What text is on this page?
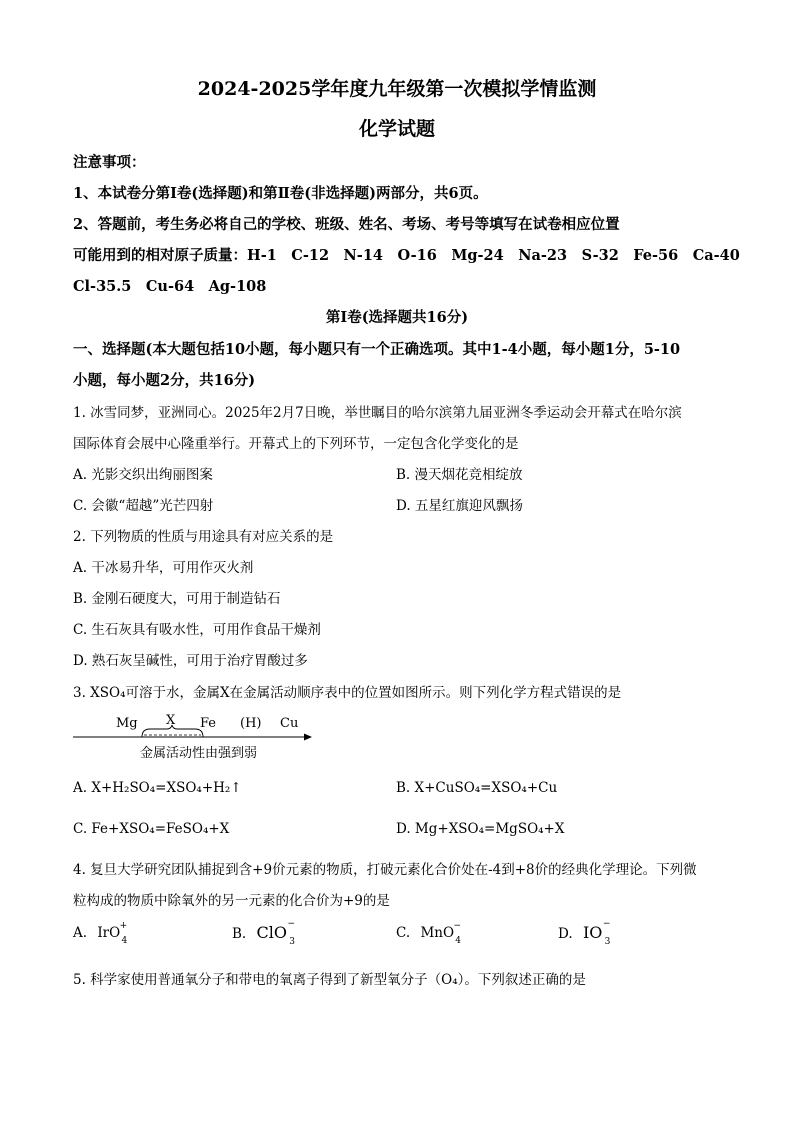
2024-2025学年度九年级第一次模拟学情监测
化学试题
注意事项：
1、本试卷分第Ⅰ卷(选择题)和第Ⅱ卷(非选择题)两部分，共6页。
2、答题前，考生务必将自己的学校、班级、姓名、考场、考号等填写在试卷相应位置
可能用到的相对原子质量：H-1　C-12　N-14　O-16　Mg-24　Na-23　S-32　Fe-56　Ca-40
Cl-35.5　Cu-64　Ag-108
第Ⅰ卷(选择题共16分)
一、选择题(本大题包括10小题，每小题只有一个正确选项。其中1-4小题，每小题1分，5-10
小题，每小题2分，共16分)
1. 冰雪同梦，亚洲同心。2025年2月7日晚，举世瞩目的哈尔滨第九届亚洲冬季运动会开幕式在哈尔滨
国际体育会展中心隆重举行。开幕式上的下列环节，一定包含化学变化的是
A. 光影交织出绚丽图案	B. 漫天烟花竞相绽放
C. 会徽“超越”光芒四射	D. 五星红旗迎风飘扬
2. 下列物质的性质与用途具有对应关系的是
A. 干冰易升华，可用作灭火剂
B. 金刚石硬度大，可用于制造钻石
C. 生石灰具有吸水性，可用作食品干燥剂
D. 熟石灰呈碱性，可用于治疗胃酸过多
3. XSO₄可溶于水，金属X在金属活动顺序表中的位置如图所示。则下列化学方程式错误的是
Mg X Fe (H) Cu
金属活动性由强到弱
A. X+H₂SO₄=XSO₄+H₂↑	B. X+CuSO₄=XSO₄+Cu
C. Fe+XSO₄=FeSO₄+X	D. Mg+XSO₄=MgSO₄+X
4. 复旦大学研究团队捕捉到含+9价元素的物质，打破元素化合价处在-4到+8价的经典化学理论。下列微
粒构成的物质中除氧外的另一元素的化合价为+9的是
A. IrO +
4	B. ClO −
3
C. MnO −
4	D. IO −
3
5. 科学家使用普通氧分子和带电的氧离子得到了新型氧分子（O₄）。下列叙述正确的是
